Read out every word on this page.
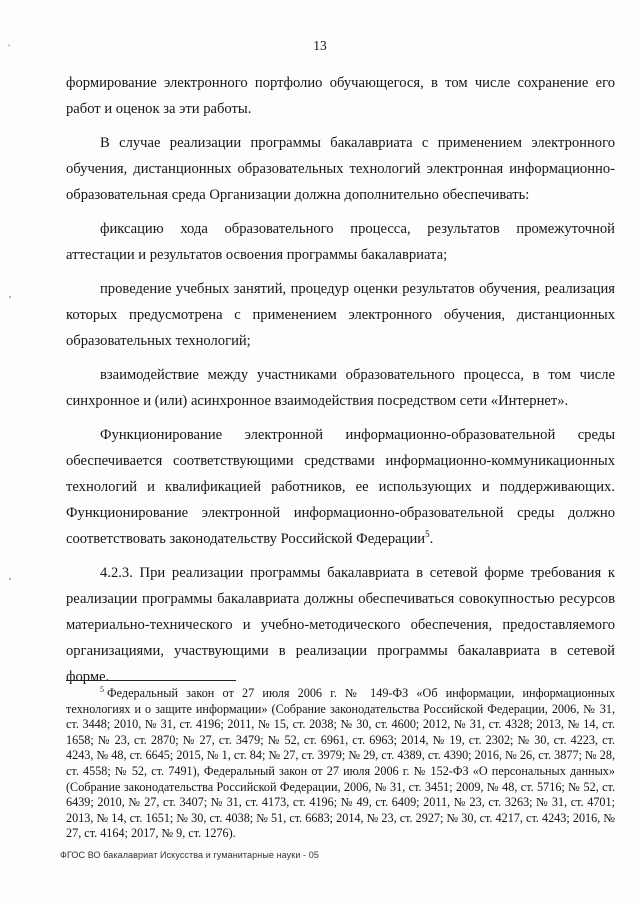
·	13

формирование электронного портфолио обучающегося, в том числе сохранение его работ и оценок за эти работы.

В случае реализации программы бакалавриата с применением электронного обучения, дистанционных образовательных технологий электронная информационно-образовательная среда Организации должна дополнительно обеспечивать:

фиксацию хода образовательного процесса, результатов промежуточной аттестации и результатов освоения программы бакалавриата;

проведение учебных занятий, процедур оценки результатов обучения, реализация которых предусмотрена с применением электронного обучения, дистанционных образовательных технологий;

взаимодействие между участниками образовательного процесса, в том числе синхронное и (или) асинхронное взаимодействия посредством сети «Интернет».

Функционирование электронной информационно-образовательной среды обеспечивается соответствующими средствами информационно-коммуникационных технологий и квалификацией работников, ее использующих и поддерживающих. Функционирование электронной информационно-образовательной среды должно соответствовать законодательству Российской Федерации$^5$.

4.2.3. При реализации программы бакалавриата в сетевой форме требования к реализации программы бакалавриата должны обеспечиваться совокупностью ресурсов материально-технического и учебно-методического обеспечения, предоставляемого организациями, участвующими в реализации программы бакалавриата в сетевой форме.

$^5$ Федеральный закон от 27 июля 2006 г. № 149-ФЗ «Об информации, информационных технологиях и о защите информации» (Собрание законодательства Российской Федерации, 2006, № 31, ст. 3448; 2010, № 31, ст. 4196; 2011, № 15, ст. 2038; № 30, ст. 4600; 2012, № 31, ст. 4328; 2013, № 14, ст. 1658; № 23, ст. 2870; № 27, ст. 3479; № 52, ст. 6961, ст. 6963; 2014, № 19, ст. 2302; № 30, ст. 4223, ст. 4243, № 48, ст. 6645; 2015, № 1, ст. 84; № 27, ст. 3979; № 29, ст. 4389, ст. 4390; 2016, № 26, ст. 3877; № 28, ст. 4558; № 52, ст. 7491), Федеральный закон от 27 июля 2006 г. № 152-ФЗ «О персональных данных» (Собрание законодательства Российской Федерации, 2006, № 31, ст. 3451; 2009, № 48, ст. 5716; № 52, ст. 6439; 2010, № 27, ст. 3407; № 31, ст. 4173, ст. 4196; № 49, ст. 6409; 2011, № 23, ст. 3263; № 31, ст. 4701; 2013, № 14, ст. 1651; № 30, ст. 4038; № 51, ст. 6683; 2014, № 23, ст. 2927; № 30, ст. 4217, ст. 4243; 2016, № 27, ст. 4164; 2017, № 9, ст. 1276).

ФГОС ВО бакалавриат Искусства и гуманитарные науки - 05
